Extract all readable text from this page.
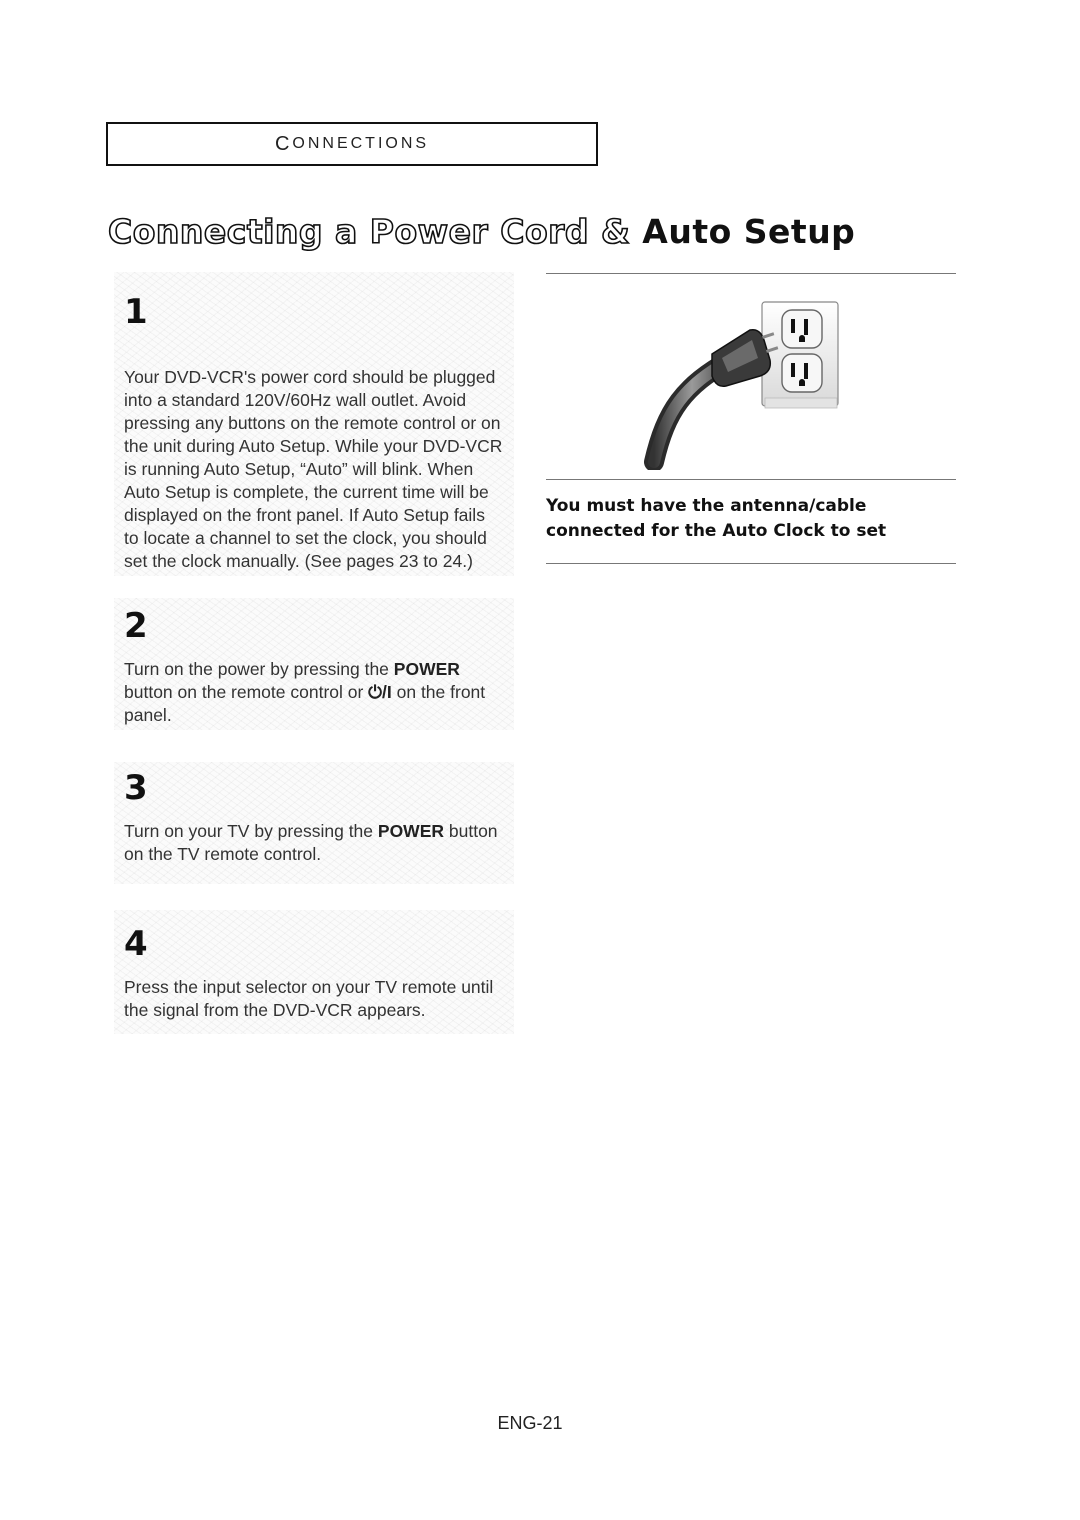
C ONNECTIONS
Connecting a Power Cord & Auto Setup
1
Your DVD-VCR's power cord should be plugged into a standard 120V/60Hz wall outlet. Avoid pressing any buttons on the remote control or on the unit during Auto Setup. While your DVD-VCR is running Auto Setup, “Auto” will blink. When Auto Setup is complete, the current time will be displayed on the front panel. If Auto Setup fails to locate a channel to set the clock, you should set the clock manually. (See pages 23 to 24.)
2
Turn on the power by pressing the POWER button on the remote control or ⏻/I on the front panel.
3
Turn on your TV by pressing the POWER button on the TV remote control.
4
Press the input selector on your TV remote until the signal from the DVD-VCR appears.

You must have the antenna/cable connected for the Auto Clock to set

ENG-21
